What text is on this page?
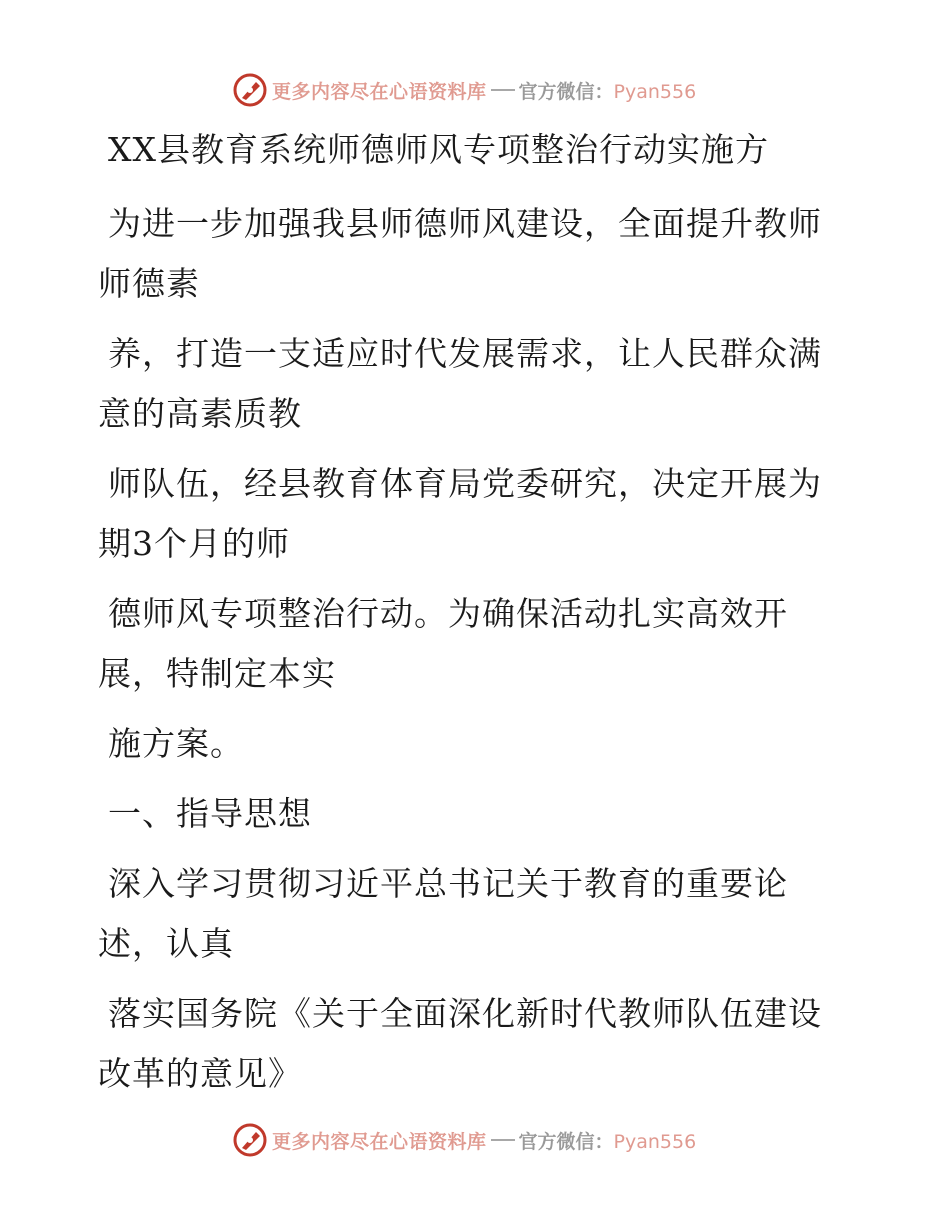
更多内容尽在心语资料库 官方微信：Pyan556

XX县教育系统师德师风专项整治行动实施方

为进一步加强我县师德师风建设，全面提升教师师德素

养，打造一支适应时代发展需求，让人民群众满意的高素质教

师队伍，经县教育体育局党委研究，决定开展为期3个月的师

德师风专项整治行动。为确保活动扎实高效开展，特制定本实

施方案。

一、指导思想

深入学习贯彻习近平总书记关于教育的重要论述，认真

落实国务院《关于全面深化新时代教师队伍建设改革的意见》

更多内容尽在心语资料库 官方微信：Pyan556
